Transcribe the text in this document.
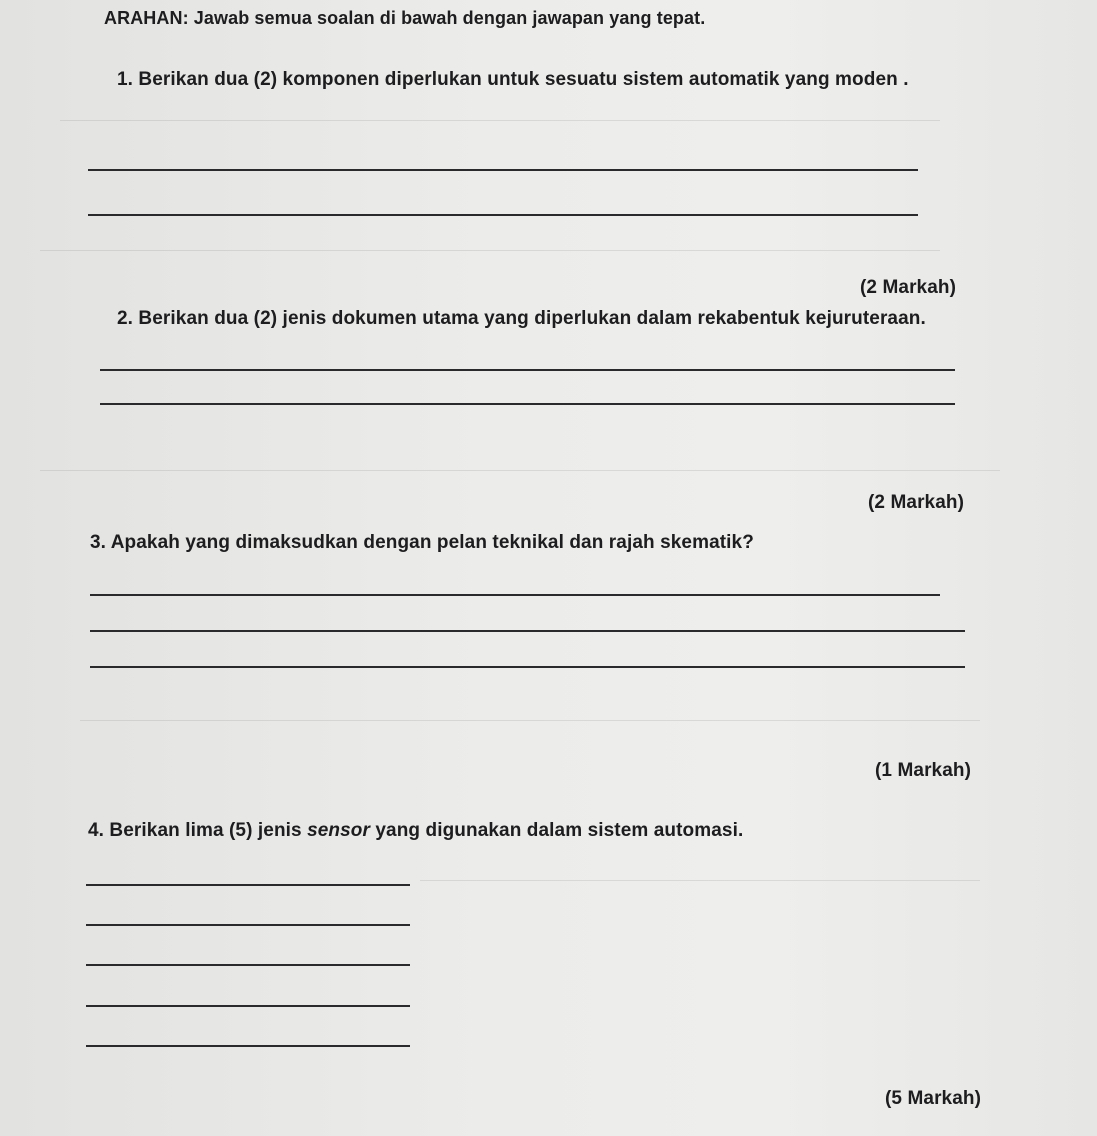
ARAHAN: Jawab semua soalan di bawah dengan jawapan yang tepat.
1. Berikan dua (2) komponen diperlukan untuk sesuatu sistem automatik yang moden .
(2 Markah)
2. Berikan dua (2) jenis dokumen utama yang diperlukan dalam rekabentuk kejuruteraan.
(2 Markah)
3. Apakah yang dimaksudkan dengan pelan teknikal dan rajah skematik?
(1 Markah)
4. Berikan lima (5) jenis sensor yang digunakan dalam sistem automasi.
(5 Markah)
